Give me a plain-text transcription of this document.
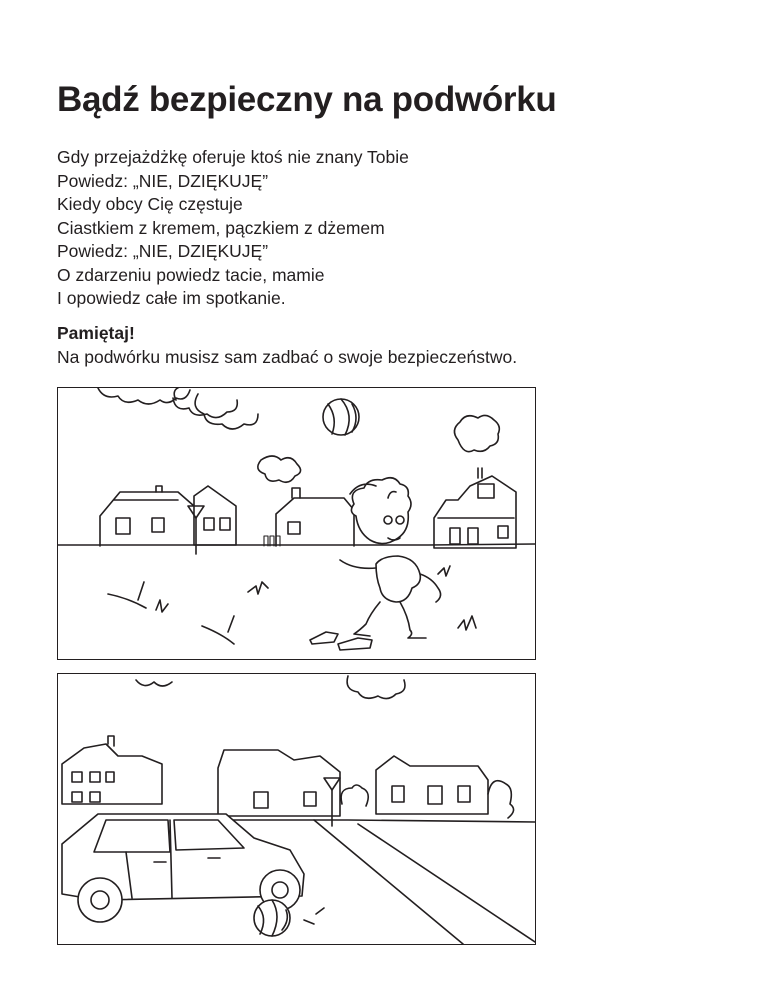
Bądź bezpieczny na podwórku
Gdy przejażdżkę oferuje ktoś nie znany Tobie
Powiedz: „NIE, DZIĘKUJĘ”
Kiedy obcy Cię częstuje
Ciastkiem z kremem, pączkiem z dżemem
Powiedz: „NIE, DZIĘKUJĘ”
O zdarzeniu powiedz tacie, mamie
I opowiedz całe im spotkanie.
Pamiętaj!
Na podwórku musisz sam zadbać o swoje bezpieczeństwo.
